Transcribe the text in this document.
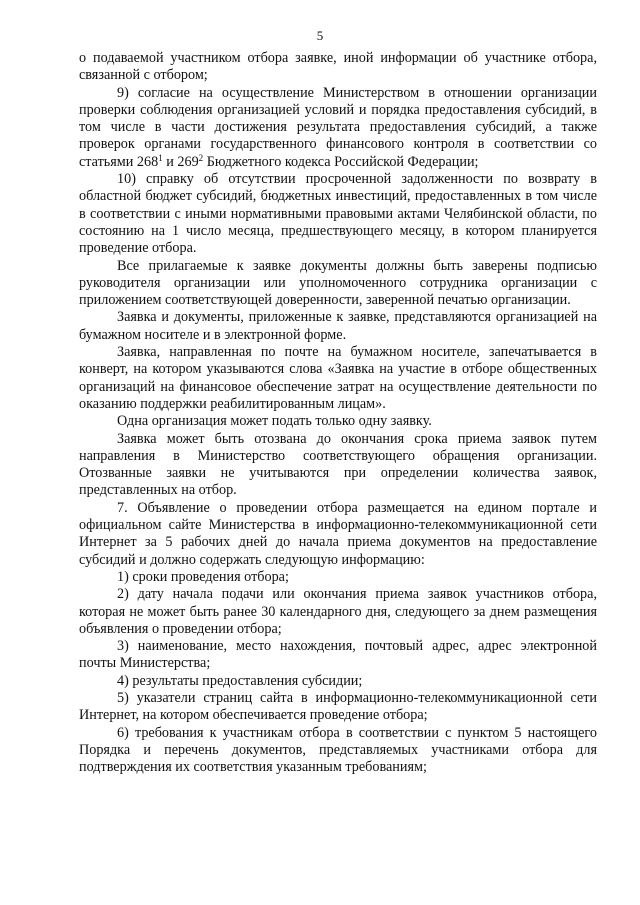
5

о подаваемой участником отбора заявке, иной информации об участнике отбора, связанной с отбором;

9) согласие на осуществление Министерством в отношении организации проверки соблюдения организацией условий и порядка предоставления субсидий, в том числе в части достижения результата предоставления субсидий, а также проверок органами государственного финансового контроля в соответствии со статьями $268^1$ и $269^2$ Бюджетного кодекса Российской Федерации;

10) справку об отсутствии просроченной задолженности по возврату в областной бюджет субсидий, бюджетных инвестиций, предоставленных в том числе в соответствии с иными нормативными правовыми актами Челябинской области, по состоянию на 1 число месяца, предшествующего месяцу, в котором планируется проведение отбора.

Все прилагаемые к заявке документы должны быть заверены подписью руководителя организации или уполномоченного сотрудника организации с приложением соответствующей доверенности, заверенной печатью организации.

Заявка и документы, приложенные к заявке, представляются организацией на бумажном носителе и в электронной форме.

Заявка, направленная по почте на бумажном носителе, запечатывается в конверт, на котором указываются слова «Заявка на участие в отборе общественных организаций на финансовое обеспечение затрат на осуществление деятельности по оказанию поддержки реабилитированным лицам».

Одна организация может подать только одну заявку.

Заявка может быть отозвана до окончания срока приема заявок путем направления в Министерство соответствующего обращения организации. Отозванные заявки не учитываются при определении количества заявок, представленных на отбор.

7. Объявление о проведении отбора размещается на едином портале и официальном сайте Министерства в информационно-телекоммуникационной сети Интернет за 5 рабочих дней до начала приема документов на предоставление субсидий и должно содержать следующую информацию:

1) сроки проведения отбора;

2) дату начала подачи или окончания приема заявок участников отбора, которая не может быть ранее 30 календарного дня, следующего за днем размещения объявления о проведении отбора;

3) наименование, место нахождения, почтовый адрес, адрес электронной почты Министерства;

4) результаты предоставления субсидии;

5) указатели страниц сайта в информационно-телекоммуникационной сети Интернет, на котором обеспечивается проведение отбора;

6) требования к участникам отбора в соответствии с пунктом 5 настоящего Порядка и перечень документов, представляемых участниками отбора для подтверждения их соответствия указанным требованиям;
